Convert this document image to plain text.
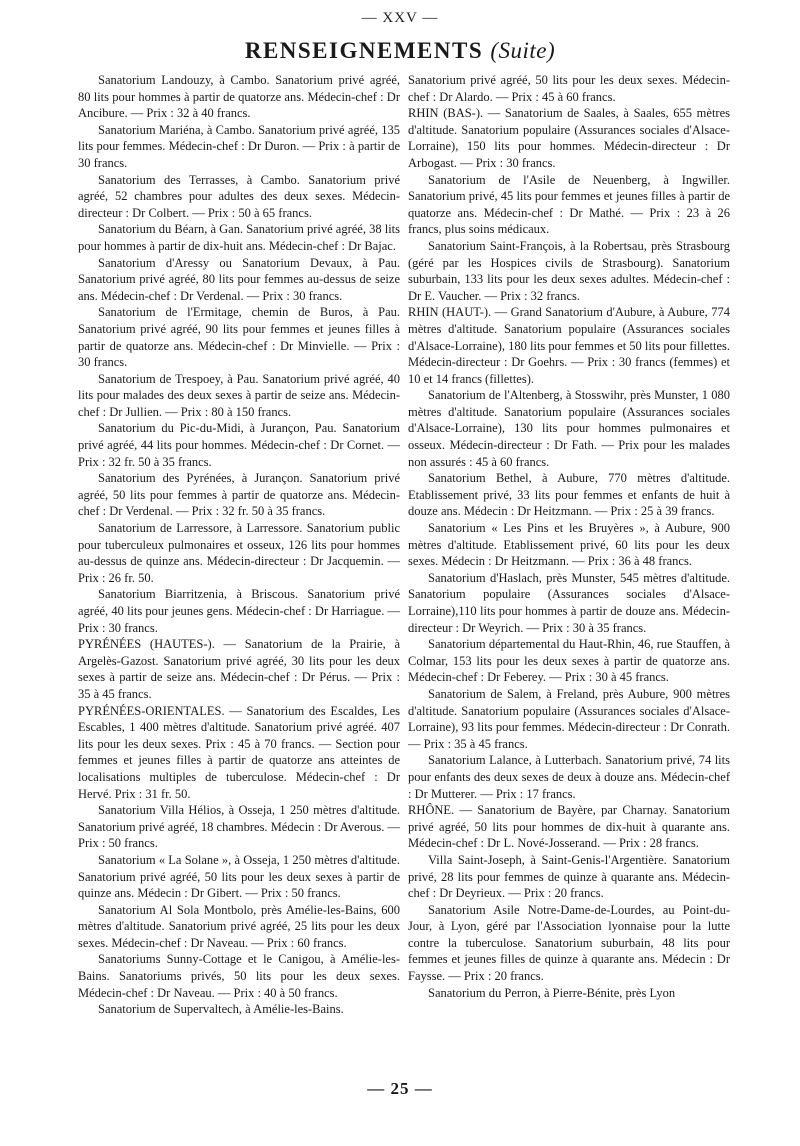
— XXV —
RENSEIGNEMENTS (Suite)

Sanatorium Landouzy, à Cambo. Sanatorium privé agréé, 80 lits pour hommes à partir de quatorze ans. Médecin-chef : Dr Ancibure. — Prix : 32 à 40 francs.

Sanatorium Mariéna, à Cambo. Sanatorium privé agréé, 135 lits pour femmes. Médecin-chef : Dr Duron. — Prix : à partir de 30 francs.

Sanatorium des Terrasses, à Cambo. Sanatorium privé agréé, 52 chambres pour adultes des deux sexes. Médecin-directeur : Dr Colbert. — Prix : 50 à 65 francs.

Sanatorium du Béarn, à Gan. Sanatorium privé agréé, 38 lits pour hommes à partir de dix-huit ans. Médecin-chef : Dr Bajac.

Sanatorium d'Aressy ou Sanatorium Devaux, à Pau. Sanatorium privé agréé, 80 lits pour femmes au-dessus de seize ans. Médecin-chef : Dr Verdenal. — Prix : 30 francs.

Sanatorium de l'Ermitage, chemin de Buros, à Pau. Sanatorium privé agréé, 90 lits pour femmes et jeunes filles à partir de quatorze ans. Médecin-chef : Dr Minvielle. — Prix : 30 francs.

Sanatorium de Trespoey, à Pau. Sanatorium privé agréé, 40 lits pour malades des deux sexes à partir de seize ans. Médecin-chef : Dr Jullien. — Prix : 80 à 150 francs.

Sanatorium du Pic-du-Midi, à Jurançon, Pau. Sanatorium privé agréé, 44 lits pour hommes. Médecin-chef : Dr Cornet. — Prix : 32 fr. 50 à 35 francs.

Sanatorium des Pyrénées, à Jurançon. Sanatorium privé agréé, 50 lits pour femmes à partir de quatorze ans. Médecin-chef : Dr Verdenal. — Prix : 32 fr. 50 à 35 francs.

Sanatorium de Larressore, à Larressore. Sanatorium public pour tuberculeux pulmonaires et osseux, 126 lits pour hommes au-dessus de quinze ans. Médecin-directeur : Dr Jacquemin. — Prix : 26 fr. 50.

Sanatorium Biarritzenia, à Briscous. Sanatorium privé agréé, 40 lits pour jeunes gens. Médecin-chef : Dr Harriague. — Prix : 30 francs.

PYRÉNÉES (HAUTES-). — Sanatorium de la Prairie, à Argelès-Gazost. Sanatorium privé agréé, 30 lits pour les deux sexes à partir de seize ans. Médecin-chef : Dr Pérus. — Prix : 35 à 45 francs.

PYRÉNÉES-ORIENTALES. — Sanatorium des Escaldes, Les Escables, 1 400 mètres d'altitude. Sanatorium privé agréé. 407 lits pour les deux sexes. Prix : 45 à 70 francs. — Section pour femmes et jeunes filles à partir de quatorze ans atteintes de localisations multiples de tuberculose. Médecin-chef : Dr Hervé. Prix : 31 fr. 50.

Sanatorium Villa Hélios, à Osseja, 1 250 mètres d'altitude. Sanatorium privé agréé, 18 chambres. Médecin : Dr Averous. — Prix : 50 francs.

Sanatorium « La Solane », à Osseja, 1 250 mètres d'altitude. Sanatorium privé agréé, 50 lits pour les deux sexes à partir de quinze ans. Médecin : Dr Gibert. — Prix : 50 francs.

Sanatorium Al Sola Montbolo, près Amélie-les-Bains, 600 mètres d'altitude. Sanatorium privé agréé, 25 lits pour les deux sexes. Médecin-chef : Dr Naveau. — Prix : 60 francs.

Sanatoriums Sunny-Cottage et le Canigou, à Amélie-les-Bains. Sanatoriums privés, 50 lits pour les deux sexes. Médecin-chef : Dr Naveau. — Prix : 40 à 50 francs.

Sanatorium de Supervaltech, à Amélie-les-Bains.

Sanatorium privé agréé, 50 lits pour les deux sexes. Médecin-chef : Dr Alardo. — Prix : 45 à 60 francs.

RHIN (BAS-). — Sanatorium de Saales, à Saales, 655 mètres d'altitude. Sanatorium populaire (Assurances sociales d'Alsace-Lorraine), 150 lits pour hommes. Médecin-directeur : Dr Arbogast. — Prix : 30 francs.

Sanatorium de l'Asile de Neuenberg, à Ingwiller. Sanatorium privé, 45 lits pour femmes et jeunes filles à partir de quatorze ans. Médecin-chef : Dr Mathé. — Prix : 23 à 26 francs, plus soins médicaux.

Sanatorium Saint-François, à la Robertsau, près Strasbourg (géré par les Hospices civils de Strasbourg). Sanatorium suburbain, 133 lits pour les deux sexes adultes. Médecin-chef : Dr E. Vaucher. — Prix : 32 francs.

RHIN (HAUT-). — Grand Sanatorium d'Aubure, à Aubure, 774 mètres d'altitude. Sanatorium populaire (Assurances sociales d'Alsace-Lorraine), 180 lits pour femmes et 50 lits pour fillettes. Médecin-directeur : Dr Goehrs. — Prix : 30 francs (femmes) et 10 et 14 francs (fillettes).

Sanatorium de l'Altenberg, à Stosswihr, près Munster, 1 080 mètres d'altitude. Sanatorium populaire (Assurances sociales d'Alsace-Lorraine), 130 lits pour hommes pulmonaires et osseux. Médecin-directeur : Dr Fath. — Prix pour les malades non assurés : 45 à 60 francs.

Sanatorium Bethel, à Aubure, 770 mètres d'altitude. Etablissement privé, 33 lits pour femmes et enfants de huit à douze ans. Médecin : Dr Heitzmann. — Prix : 25 à 39 francs.

Sanatorium « Les Pins et les Bruyères », à Aubure, 900 mètres d'altitude. Etablissement privé, 60 lits pour les deux sexes. Médecin : Dr Heitzmann. — Prix : 36 à 48 francs.

Sanatorium d'Haslach, près Munster, 545 mètres d'altitude. Sanatorium populaire (Assurances sociales d'Alsace-Lorraine),110 lits pour hommes à partir de douze ans. Médecin-directeur : Dr Weyrich. — Prix : 30 à 35 francs.

Sanatorium départemental du Haut-Rhin, 46, rue Stauffen, à Colmar, 153 lits pour les deux sexes à partir de quatorze ans. Médecin-chef : Dr Feberey. — Prix : 30 à 45 francs.

Sanatorium de Salem, à Freland, près Aubure, 900 mètres d'altitude. Sanatorium populaire (Assurances sociales d'Alsace-Lorraine), 93 lits pour femmes. Médecin-directeur : Dr Conrath. — Prix : 35 à 45 francs.

Sanatorium Lalance, à Lutterbach. Sanatorium privé, 74 lits pour enfants des deux sexes de deux à douze ans. Médecin-chef : Dr Mutterer. — Prix : 17 francs.

RHÔNE. — Sanatorium de Bayère, par Charnay. Sanatorium privé agréé, 50 lits pour hommes de dix-huit à quarante ans. Médecin-chef : Dr L. Nové-Josserand. — Prix : 28 francs.

Villa Saint-Joseph, à Saint-Genis-l'Argentière. Sanatorium privé, 28 lits pour femmes de quinze à quarante ans. Médecin-chef : Dr Deyrieux. — Prix : 20 francs.

Sanatorium Asile Notre-Dame-de-Lourdes, au Point-du-Jour, à Lyon, géré par l'Association lyonnaise pour la lutte contre la tuberculose. Sanatorium suburbain, 48 lits pour femmes et jeunes filles de quinze à quarante ans. Médecin : Dr Faysse. — Prix : 20 francs.

Sanatorium du Perron, à Pierre-Bénite, près Lyon

— 25 —
